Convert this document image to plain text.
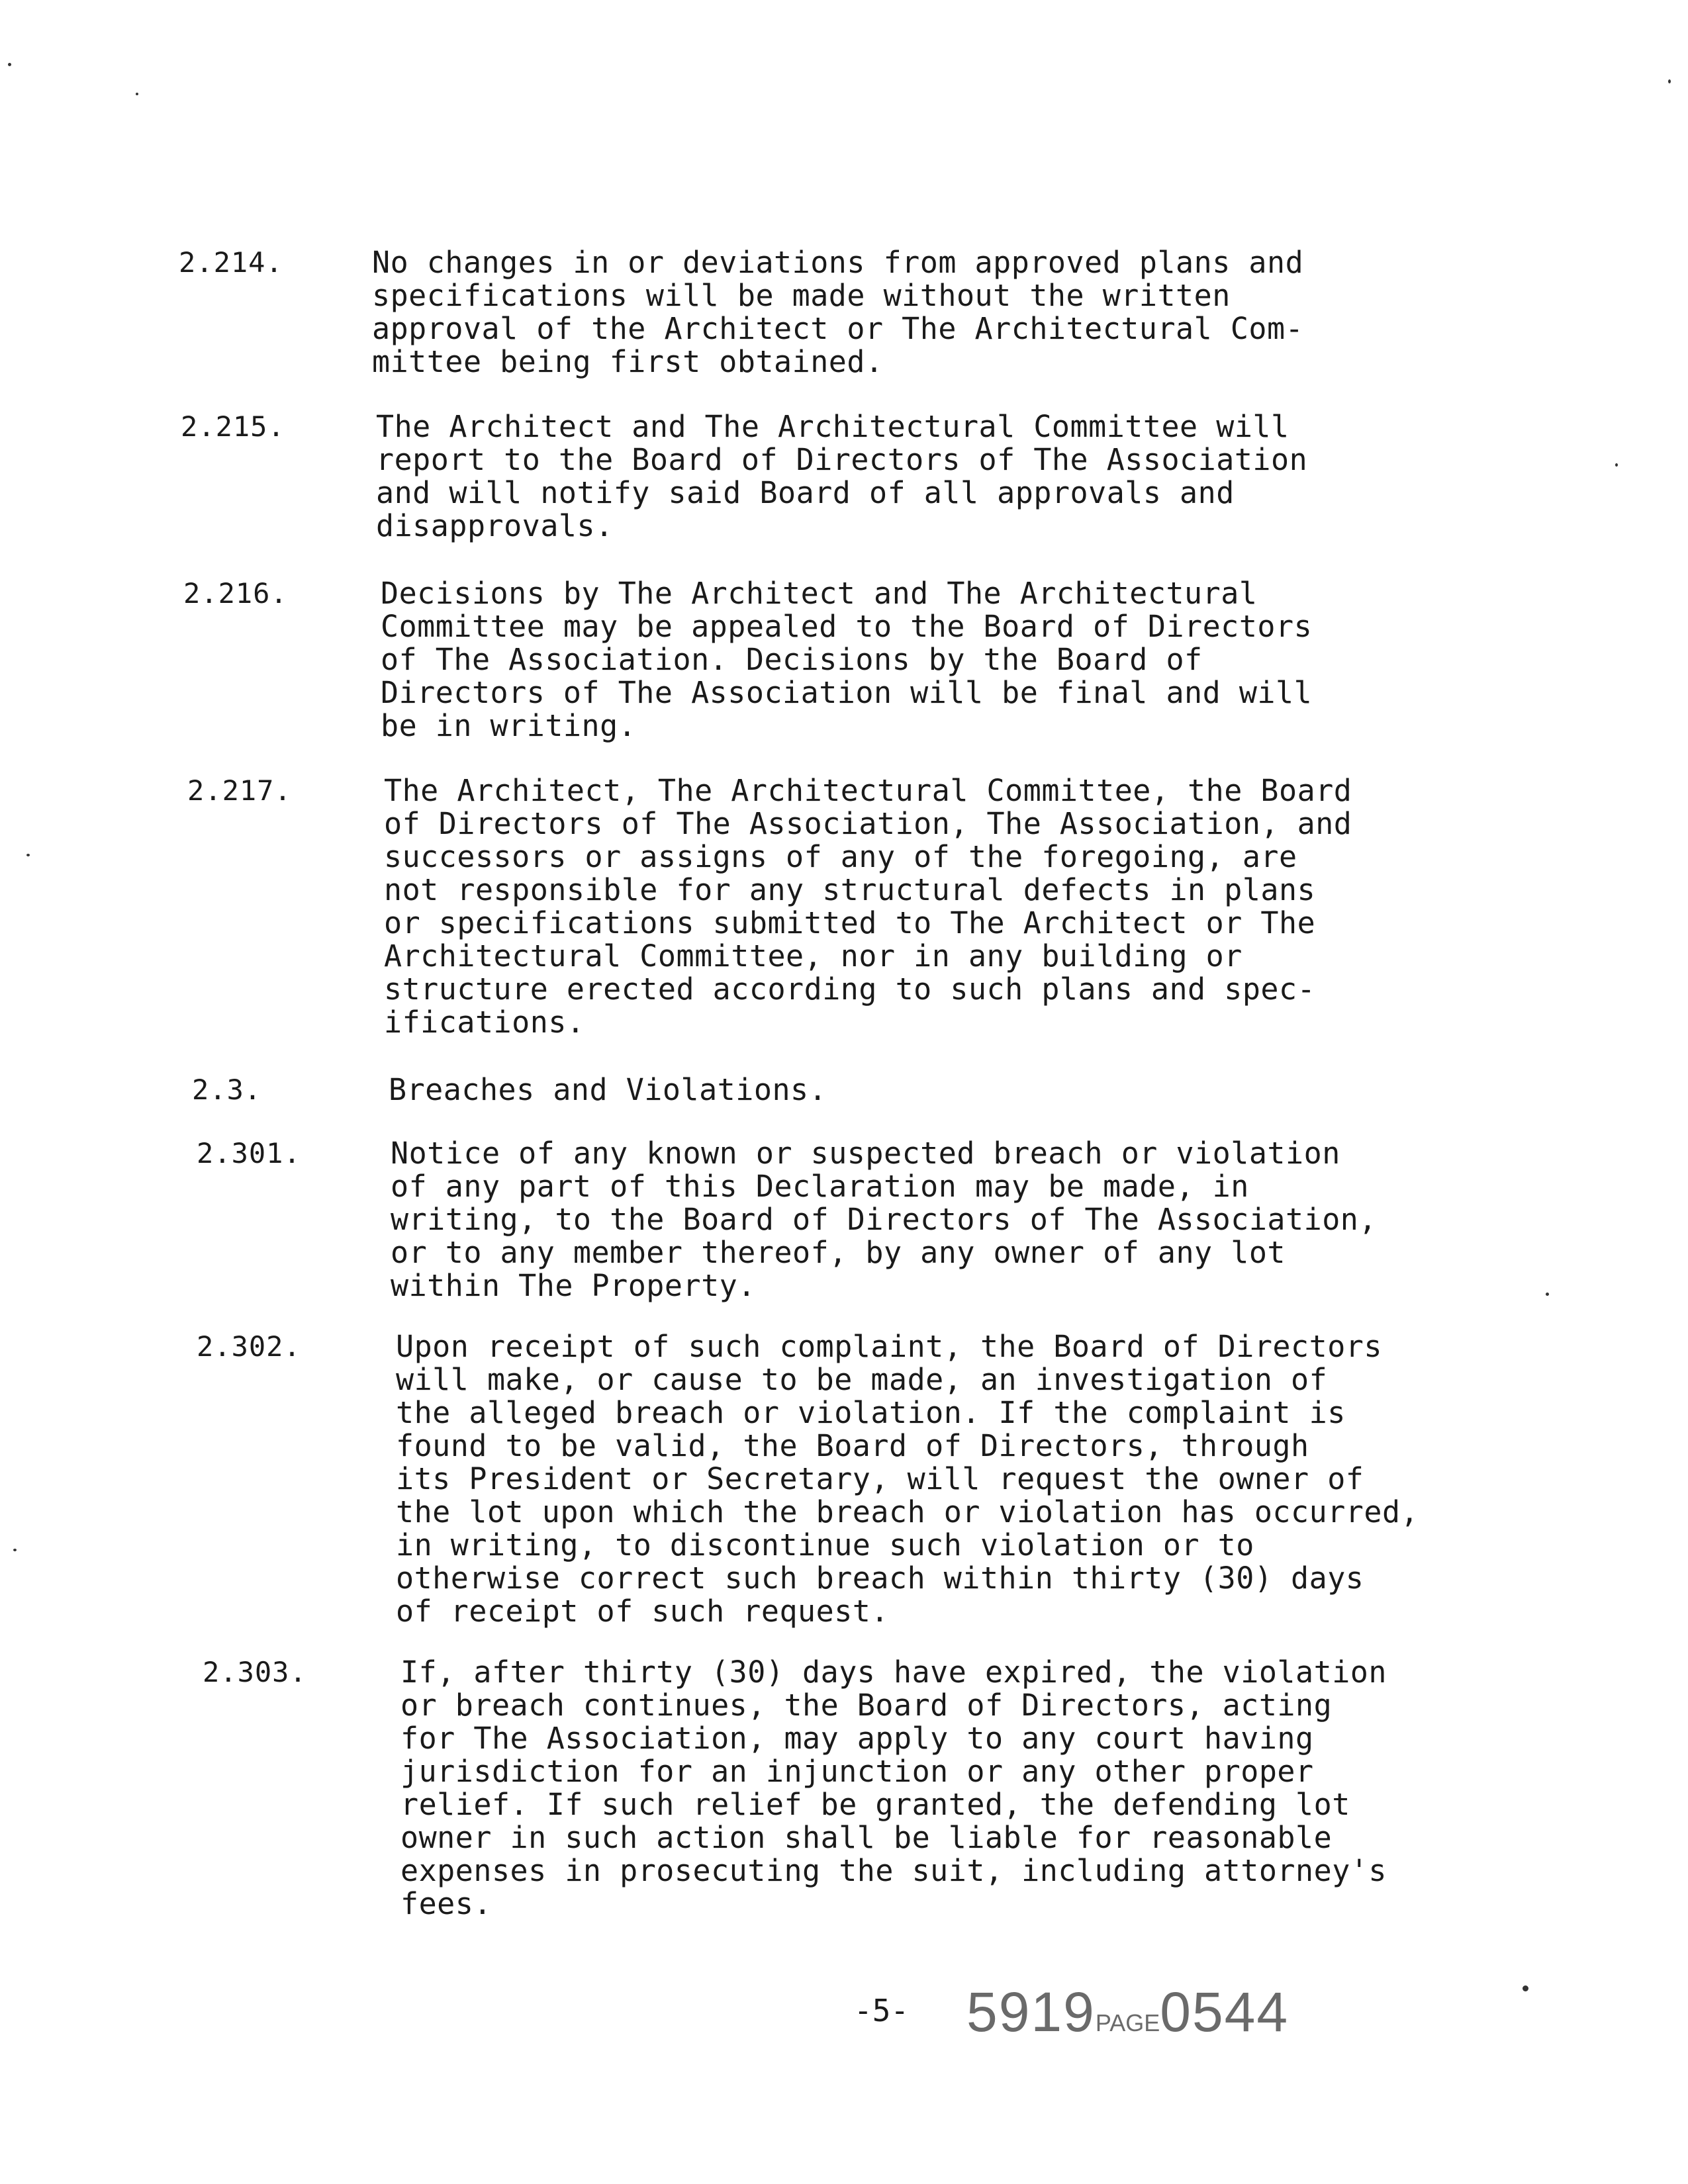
2.214.	No changes in or deviations from approved plans and
specifications will be made without the written
approval of the Architect or The Architectural Com-
mittee being first obtained.
2.215.	The Architect and The Architectural Committee will
report to the Board of Directors of The Association
and will notify said Board of all approvals and
disapprovals.
2.216.	Decisions by The Architect and The Architectural
Committee may be appealed to the Board of Directors
of The Association. Decisions by the Board of
Directors of The Association will be final and will
be in writing.
2.217.	The Architect, The Architectural Committee, the Board
of Directors of The Association, The Association, and
successors or assigns of any of the foregoing, are
not responsible for any structural defects in plans
or specifications submitted to The Architect or The
Architectural Committee, nor in any building or
structure erected according to such plans and spec-
ifications.
2.3.	Breaches and Violations.
2.301.	Notice of any known or suspected breach or violation
of any part of this Declaration may be made, in
writing, to the Board of Directors of The Association,
or to any member thereof, by any owner of any lot
within The Property.
2.302.	Upon receipt of such complaint, the Board of Directors
will make, or cause to be made, an investigation of
the alleged breach or violation. If the complaint is
found to be valid, the Board of Directors, through
its President or Secretary, will request the owner of
the lot upon which the breach or violation has occurred,
in writing, to discontinue such violation or to
otherwise correct such breach within thirty (30) days
of receipt of such request.
2.303.	If, after thirty (30) days have expired, the violation
or breach continues, the Board of Directors, acting
for The Association, may apply to any court having
jurisdiction for an injunction or any other proper
relief. If such relief be granted, the defending lot
owner in such action shall be liable for reasonable
expenses in prosecuting the suit, including attorney's
fees.
-5- 5919PAGE0544
